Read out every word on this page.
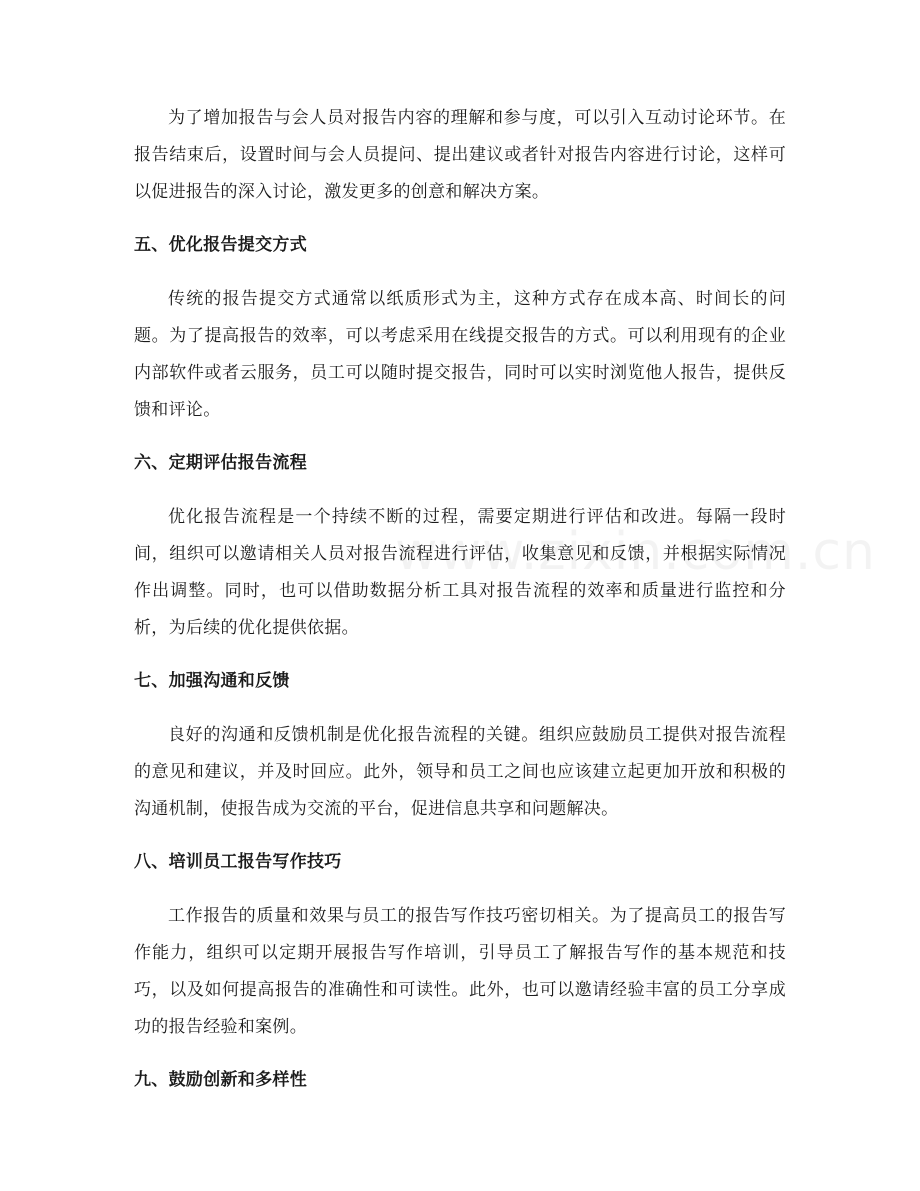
为了增加报告与会人员对报告内容的理解和参与度，可以引入互动讨论环节。在报告结束后，设置时间与会人员提问、提出建议或者针对报告内容进行讨论，这样可以促进报告的深入讨论，激发更多的创意和解决方案。

五、优化报告提交方式

传统的报告提交方式通常以纸质形式为主，这种方式存在成本高、时间长的问题。为了提高报告的效率，可以考虑采用在线提交报告的方式。可以利用现有的企业内部软件或者云服务，员工可以随时提交报告，同时可以实时浏览他人报告，提供反馈和评论。

六、定期评估报告流程

优化报告流程是一个持续不断的过程，需要定期进行评估和改进。每隔一段时间，组织可以邀请相关人员对报告流程进行评估，收集意见和反馈，并根据实际情况作出调整。同时，也可以借助数据分析工具对报告流程的效率和质量进行监控和分析，为后续的优化提供依据。

七、加强沟通和反馈

良好的沟通和反馈机制是优化报告流程的关键。组织应鼓励员工提供对报告流程的意见和建议，并及时回应。此外，领导和员工之间也应该建立起更加开放和积极的沟通机制，使报告成为交流的平台，促进信息共享和问题解决。

八、培训员工报告写作技巧

工作报告的质量和效果与员工的报告写作技巧密切相关。为了提高员工的报告写作能力，组织可以定期开展报告写作培训，引导员工了解报告写作的基本规范和技巧，以及如何提高报告的准确性和可读性。此外，也可以邀请经验丰富的员工分享成功的报告经验和案例。

九、鼓励创新和多样性
